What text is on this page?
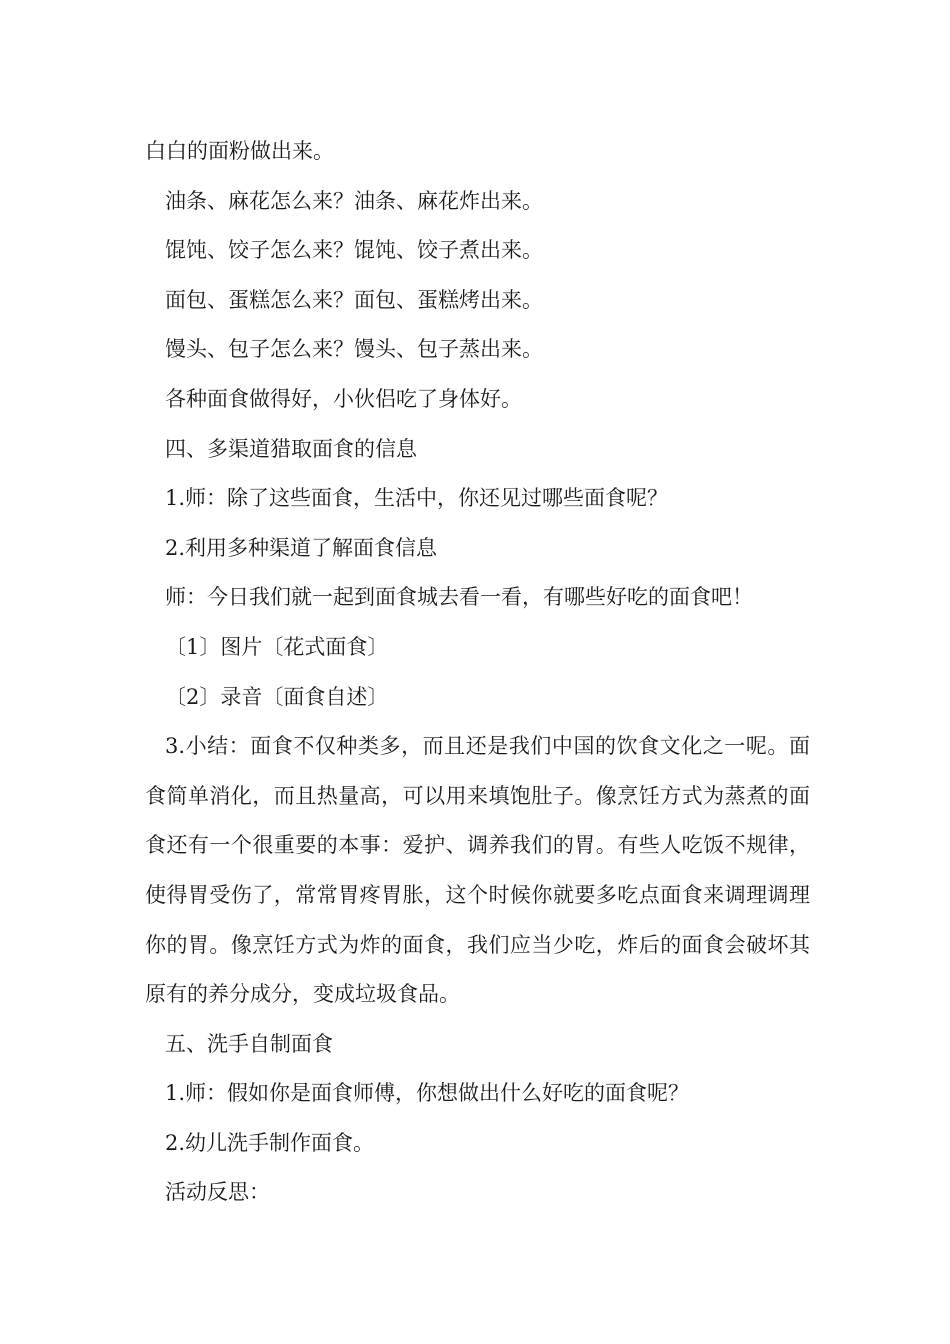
白白的面粉做出来。

油条、麻花怎么来？油条、麻花炸出来。

馄饨、饺子怎么来？馄饨、饺子煮出来。

面包、蛋糕怎么来？面包、蛋糕烤出来。

馒头、包子怎么来？馒头、包子蒸出来。

各种面食做得好，小伙侣吃了身体好。

四、多渠道猎取面食的信息

1.师：除了这些面食，生活中，你还见过哪些面食呢？

2.利用多种渠道了解面食信息

师：今日我们就一起到面食城去看一看，有哪些好吃的面食吧！

〔1〕图片〔花式面食〕

〔2〕录音〔面食自述〕

3.小结：面食不仅种类多，而且还是我们中国的饮食文化之一呢。面食简单消化，而且热量高，可以用来填饱肚子。像烹饪方式为蒸煮的面食还有一个很重要的本事：爱护、调养我们的胃。有些人吃饭不规律，使得胃受伤了，常常胃疼胃胀，这个时候你就要多吃点面食来调理调理你的胃。像烹饪方式为炸的面食，我们应当少吃，炸后的面食会破坏其原有的养分成分，变成垃圾食品。

五、洗手自制面食

1.师：假如你是面食师傅，你想做出什么好吃的面食呢？

2.幼儿洗手制作面食。

活动反思：
